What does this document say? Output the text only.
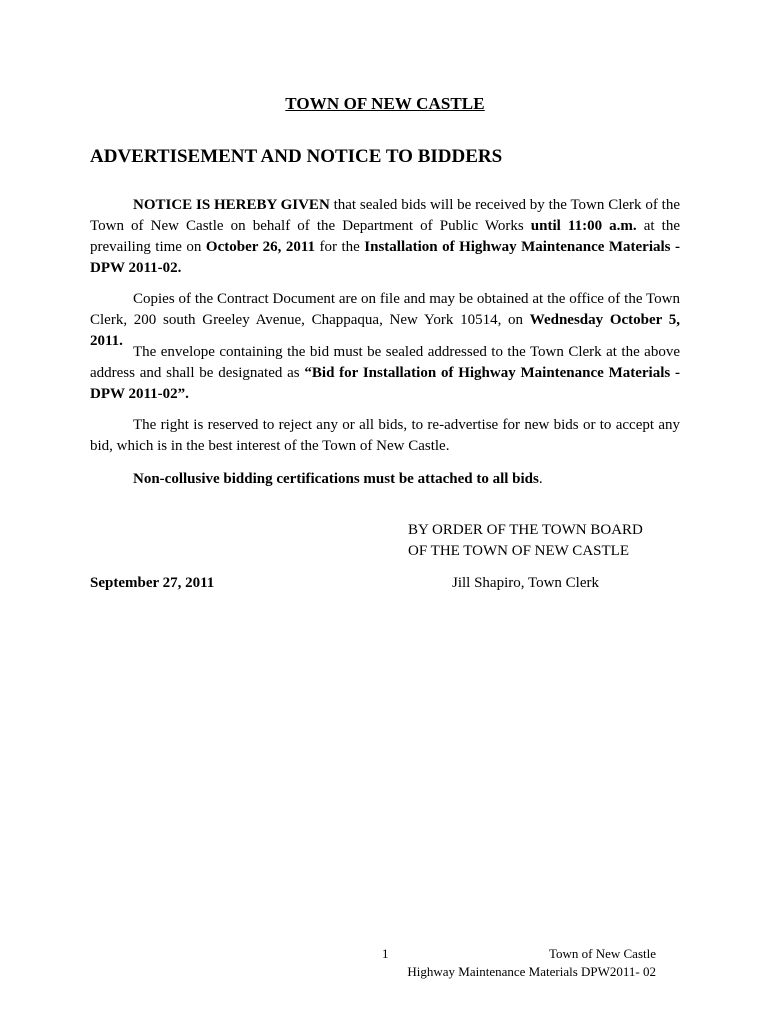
TOWN OF NEW CASTLE
ADVERTISEMENT AND NOTICE TO BIDDERS

NOTICE IS HEREBY GIVEN that sealed bids will be received by the Town Clerk of the Town of New Castle on behalf of the Department of Public Works until 11:00 a.m. at the prevailing time on October 26, 2011 for the Installation of Highway Maintenance Materials - DPW 2011-02.

Copies of the Contract Document are on file and may be obtained at the office of the Town Clerk, 200 south Greeley Avenue, Chappaqua, New York 10514, on Wednesday October 5, 2011.

The envelope containing the bid must be sealed addressed to the Town Clerk at the above address and shall be designated as “Bid for Installation of Highway Maintenance Materials - DPW 2011-02”.

The right is reserved to reject any or all bids, to re-advertise for new bids or to accept any bid, which is in the best interest of the Town of New Castle.

Non-collusive bidding certifications must be attached to all bids.

BY ORDER OF THE TOWN BOARD
OF THE TOWN OF NEW CASTLE
September 27, 2011	Jill Shapiro, Town Clerk
1	Town of New Castle
Highway Maintenance Materials DPW2011- 02
